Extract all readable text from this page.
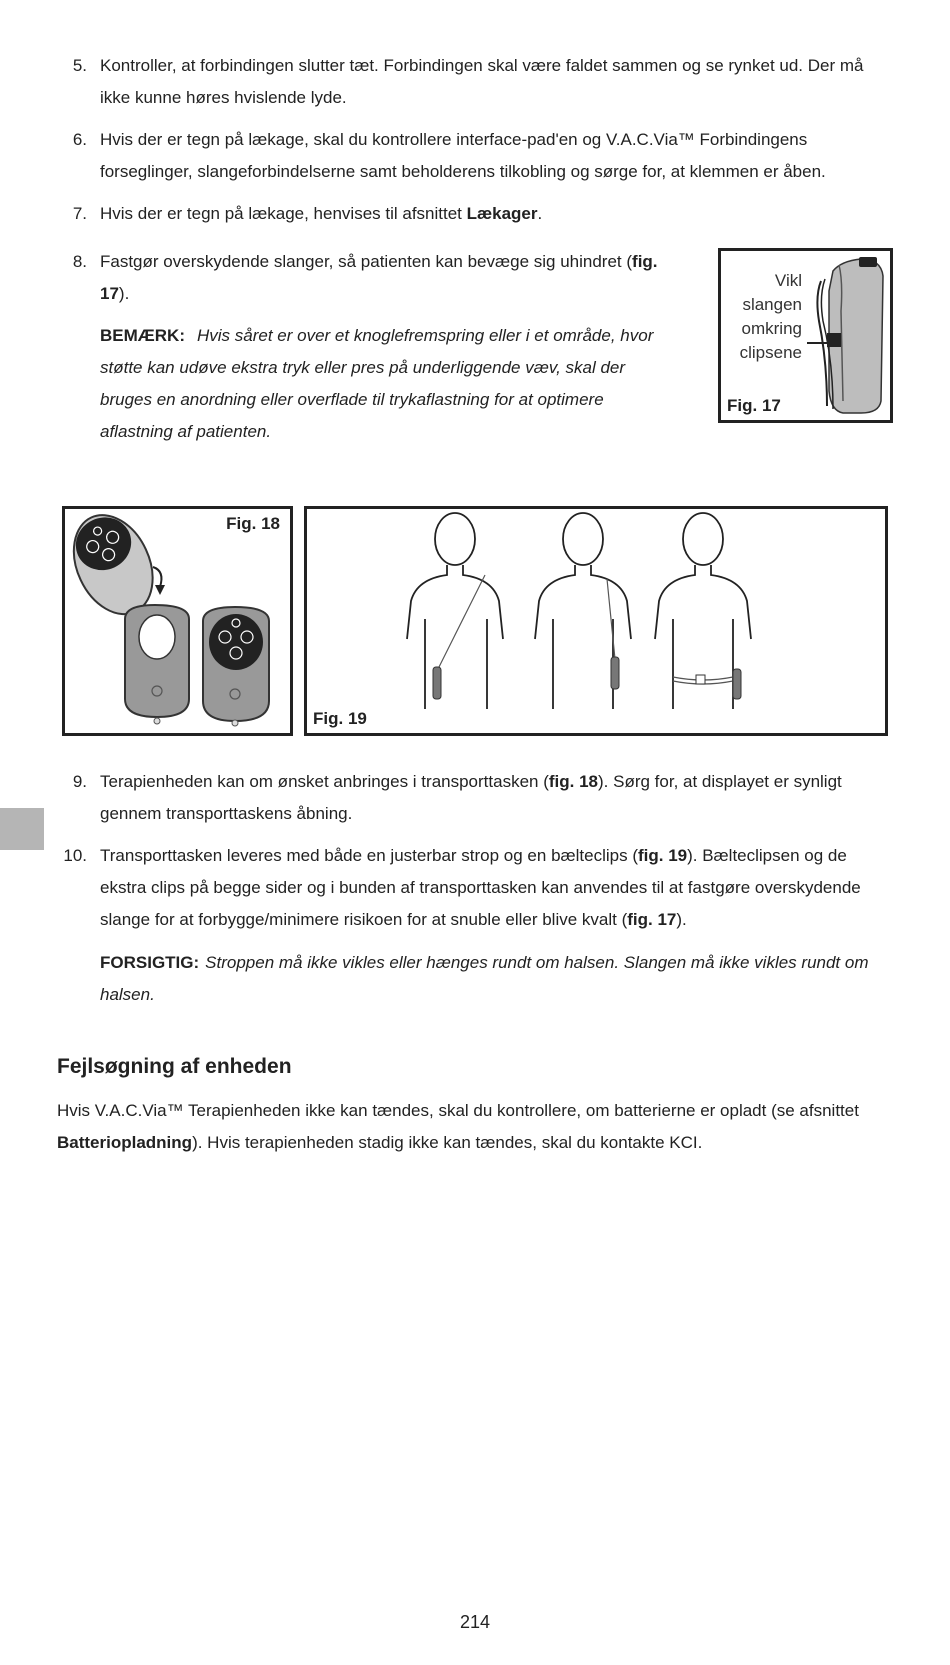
5. Kontroller, at forbindingen slutter tæt. Forbindingen skal være faldet sammen og se rynket ud. Der må ikke kunne høres hvislende lyde.
6. Hvis der er tegn på lækage, skal du kontrollere interface-pad'en og V.A.C.Via™ Forbindingens forseglinger, slangeforbindelserne samt beholderens tilkobling og sørge for, at klemmen er åben.
7. Hvis der er tegn på lækage, henvises til afsnittet Lækager.
8. Fastgør overskydende slanger, så patienten kan bevæge sig uhindret (fig. 17).
BEMÆRK: Hvis såret er over et knoglefremspring eller i et område, hvor støtte kan udøve ekstra tryk eller pres på underliggende væv, skal der bruges en anordning eller overflade til trykaflastning for at optimere aflastning af patienten.
Vikl
slangen
omkring
clipsene
Fig. 17
Fig. 18
Fig. 19
9. Terapienheden kan om ønsket anbringes i transporttasken (fig. 18). Sørg for, at displayet er synligt gennem transporttaskens åbning.
10. Transporttasken leveres med både en justerbar strop og en bælteclips (fig. 19). Bælteclipsen og de ekstra clips på begge sider og i bunden af transporttasken kan anvendes til at fastgøre overskydende slange for at forbygge/minimere risikoen for at snuble eller blive kvalt (fig. 17).
FORSIGTIG: Stroppen må ikke vikles eller hænges rundt om halsen. Slangen må ikke vikles rundt om halsen.
Fejlsøgning af enheden
Hvis V.A.C.Via™ Terapienheden ikke kan tændes, skal du kontrollere, om batterierne er opladt (se afsnittet Batteriopladning). Hvis terapienheden stadig ikke kan tændes, skal du kontakte KCI.
214
